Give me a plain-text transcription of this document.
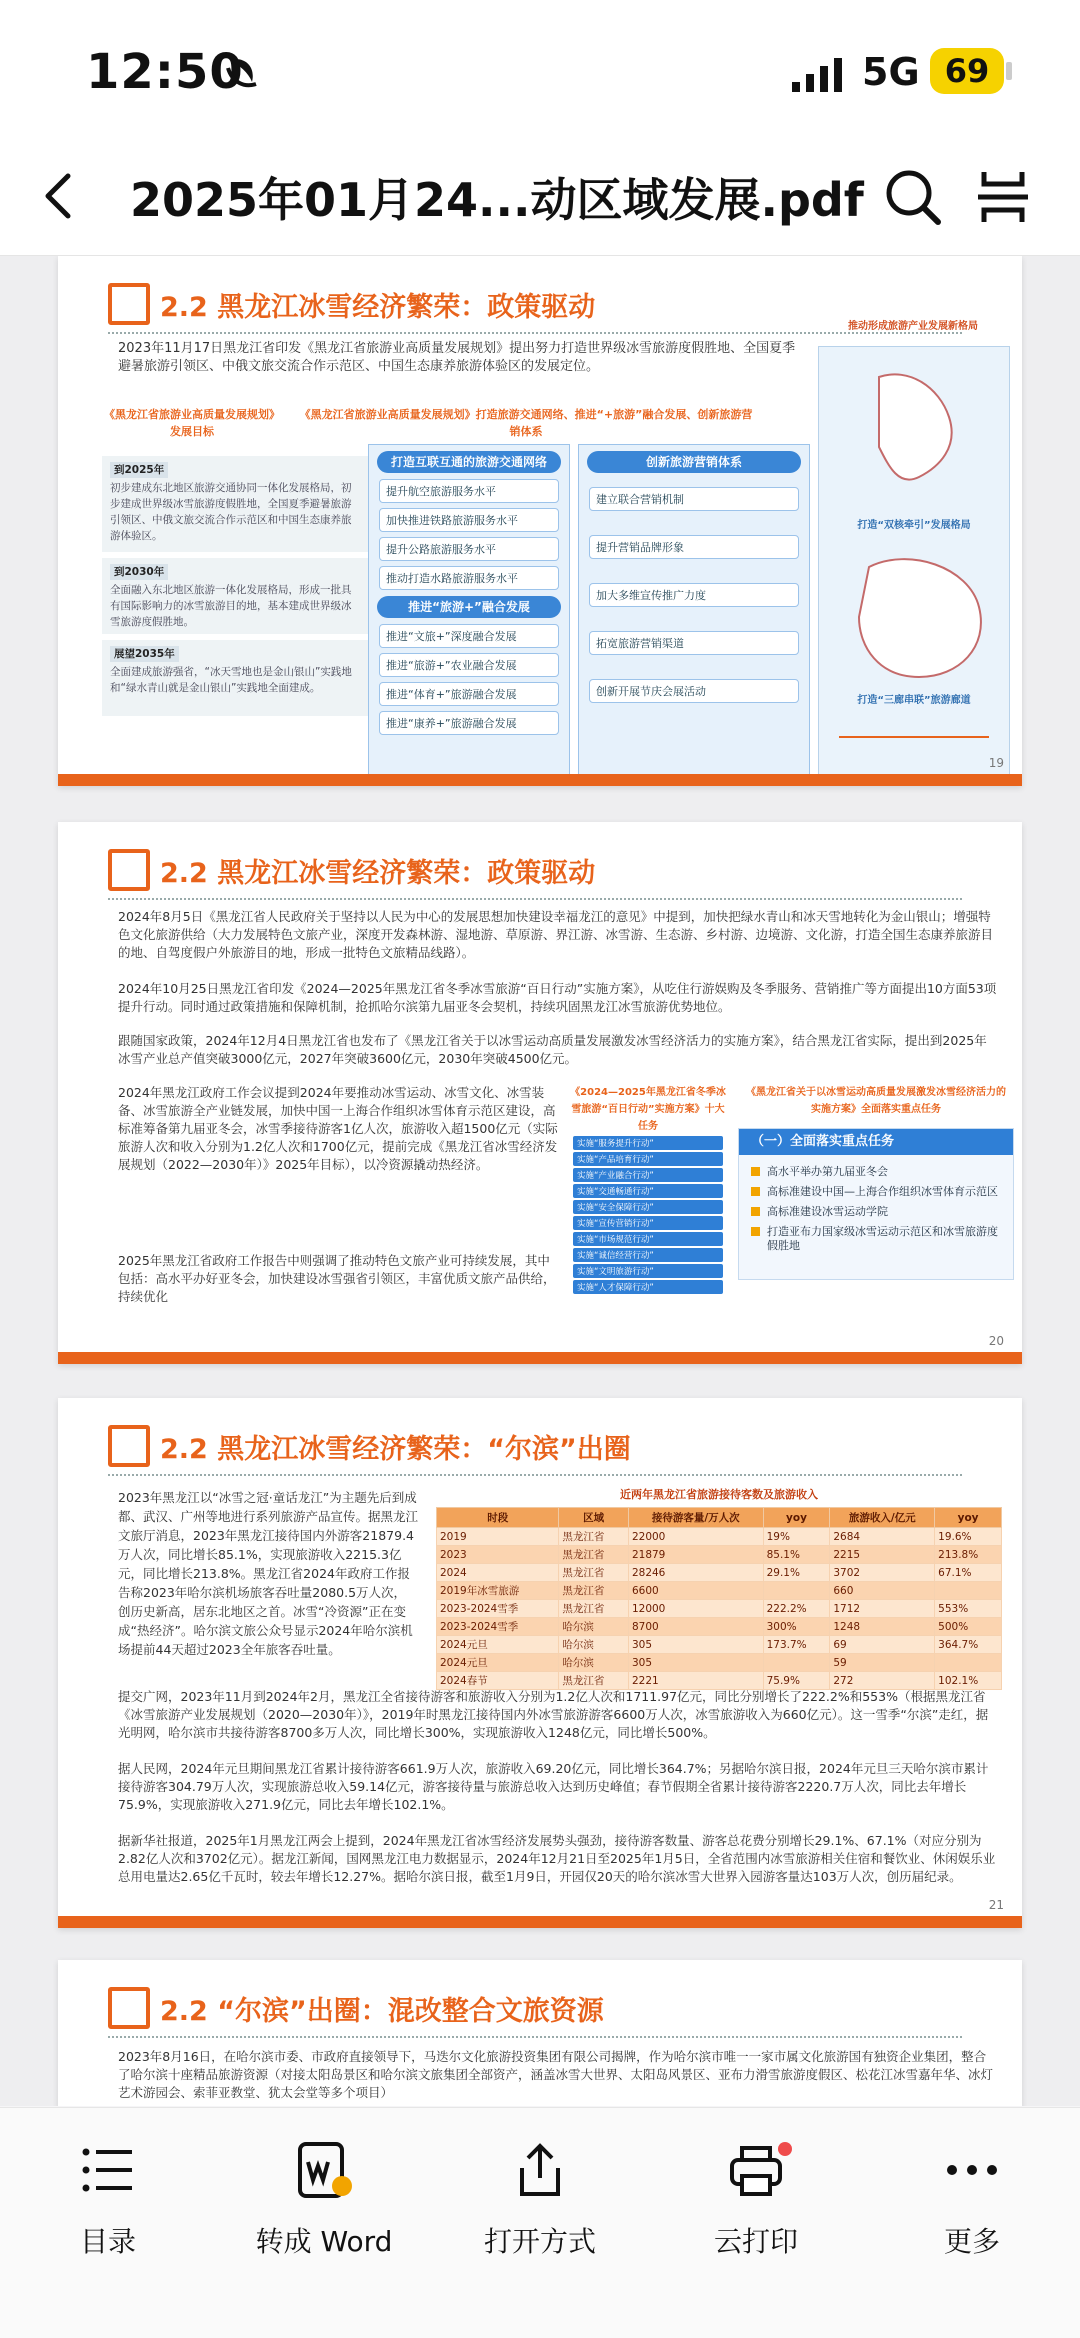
12:50	5G 69
2025年01月24...动区域发展.pdf
2.2 黑龙江冰雪经济繁荣：政策驱动
2023年11月17日黑龙江省印发《黑龙江省旅游业高质量发展规划》提出努力打造世界级冰雪旅游度假胜地、全国夏季避暑旅游引领区、中俄文旅交流合作示范区、中国生态康养旅游体验区的发展定位。
《黑龙江省旅游业高质量发展规划》发展目标
《黑龙江省旅游业高质量发展规划》打造旅游交通网络、推进“+旅游”融合发展、创新旅游营销体系
推动形成旅游产业发展新格局
到2025年
初步建成东北地区旅游交通协同一体化发展格局，初步建成世界级冰雪旅游度假胜地，全国夏季避暑旅游引领区、中俄文旅交流合作示范区和中国生态康养旅游体验区。
到2030年
全面融入东北地区旅游一体化发展格局，形成一批具有国际影响力的冰雪旅游目的地，基本建成世界级冰雪旅游度假胜地。
展望2035年
全面建成旅游强省，“冰天雪地也是金山银山”实践地和“绿水青山就是金山银山”实践地全面建成。
打造互联互通的旅游交通网络
提升航空旅游服务水平
加快推进铁路旅游服务水平
提升公路旅游服务水平
推动打造水路旅游服务水平
推进“旅游+”融合发展
推进“文旅+”深度融合发展
推进“旅游+”农业融合发展
推进“体育+”旅游融合发展
推进“康养+”旅游融合发展
创新旅游营销体系
建立联合营销机制
提升营销品牌形象
加大多维宣传推广力度
拓宽旅游营销渠道
创新开展节庆会展活动
打造“双核牵引”发展格局
打造“三廊串联”旅游廊道
19
2.2 黑龙江冰雪经济繁荣：政策驱动
2024年8月5日《黑龙江省人民政府关于坚持以人民为中心的发展思想加快建设幸福龙江的意见》中提到，加快把绿水青山和冰天雪地转化为金山银山；增强特色文化旅游供给（大力发展特色文旅产业，深度开发森林游、湿地游、草原游、界江游、冰雪游、生态游、乡村游、边境游、文化游，打造全国生态康养旅游目的地、自驾度假户外旅游目的地，形成一批特色文旅精品线路）。
2024年10月25日黑龙江省印发《2024—2025年黑龙江省冬季冰雪旅游“百日行动”实施方案》，从吃住行游娱购及冬季服务、营销推广等方面提出10方面53项提升行动。同时通过政策措施和保障机制，抢抓哈尔滨第九届亚冬会契机，持续巩固黑龙江冰雪旅游优势地位。
跟随国家政策，2024年12月4日黑龙江省也发布了《黑龙江省关于以冰雪运动高质量发展激发冰雪经济活力的实施方案》，结合黑龙江省实际，提出到2025年冰雪产业总产值突破3000亿元，2027年突破3600亿元，2030年突破4500亿元。
2024年黑龙江政府工作会议提到2024年要推动冰雪运动、冰雪文化、冰雪装备、冰雪旅游全产业链发展，加快中国一上海合作组织冰雪体育示范区建设，高标准筹备第九届亚冬会，冰雪季接待游客1亿人次，旅游收入超1500亿元（实际旅游人次和收入分别为1.2亿人次和1700亿元，提前完成《黑龙江省冰雪经济发展规划（2022—2030年）》2025年目标），以冷资源撬动热经济。
2025年黑龙江省政府工作报告中则强调了推动特色文旅产业可持续发展，其中包括：高水平办好亚冬会，加快建设冰雪强省引领区，丰富优质文旅产品供给，持续优化
《2024—2025年黑龙江省冬季冰雪旅游“百日行动”实施方案》十大任务
《黑龙江省关于以冰雪运动高质量发展激发冰雪经济活力的实施方案》全面落实重点任务
实施“服务提升行动”
实施“产品培育行动”
实施“产业融合行动”
实施“交通畅通行动”
实施“安全保障行动”
实施“宣传营销行动”
实施“市场规范行动”
实施“诚信经营行动”
实施“文明旅游行动”
实施“人才保障行动”
（一）全面落实重点任务
高水平举办第九届亚冬会
高标准建设中国—上海合作组织冰雪体育示范区
高标准建设冰雪运动学院
打造亚布力国家级冰雪运动示范区和冰雪旅游度假胜地
20
2.2 黑龙江冰雪经济繁荣：“尔滨”出圈
2023年黑龙江以“冰雪之冠·童话龙江”为主题先后到成都、武汉、广州等地进行系列旅游产品宣传。据黑龙江文旅厅消息，2023年黑龙江接待国内外游客21879.4万人次，同比增长85.1%，实现旅游收入2215.3亿元，同比增长213.8%。黑龙江省2024年政府工作报告称2023年哈尔滨机场旅客吞吐量2080.5万人次，创历史新高，居东北地区之首。冰雪“冷资源”正在变成“热经济”。哈尔滨文旅公众号显示2024年哈尔滨机场提前44天超过2023全年旅客吞吐量。
近两年黑龙江省旅游接待客数及旅游收入
时段	区域	接待游客量/万人次	yoy	旅游收入/亿元	yoy
2019	黑龙江省	22000	19%	2684	19.6%
2023	黑龙江省	21879	85.1%	2215	213.8%
2024	黑龙江省	28246	29.1%	3702	67.1%
2019年冰雪旅游	黑龙江省	6600		660	
2023-2024雪季	黑龙江省	12000	222.2%	1712	553%
2023-2024雪季	哈尔滨	8700	300%	1248	500%
2024元旦	哈尔滨	305	173.7%	69	364.7%
2024元旦	哈尔滨	305		59	
2024春节	黑龙江省	2221	75.9%	272	102.1%
提交广网，2023年11月到2024年2月，黑龙江全省接待游客和旅游收入分别为1.2亿人次和1711.97亿元，同比分别增长了222.2%和553%（根据黑龙江省《冰雪旅游产业发展规划（2020—2030年）》，2019年时黑龙江接待国内外冰雪旅游游客6600万人次，冰雪旅游收入为660亿元）。这一雪季“尔滨”走红，据光明网，哈尔滨市共接待游客8700多万人次，同比增长300%，实现旅游收入1248亿元，同比增长500%。
据人民网，2024年元旦期间黑龙江省累计接待游客661.9万人次，旅游收入69.20亿元，同比增长364.7%；另据哈尔滨日报，2024年元旦三天哈尔滨市累计接待游客304.79万人次，实现旅游总收入59.14亿元，游客接待量与旅游总收入达到历史峰值；春节假期全省累计接待游客2220.7万人次，同比去年增长75.9%，实现旅游收入271.9亿元，同比去年增长102.1%。
据新华社报道，2025年1月黑龙江两会上提到，2024年黑龙江省冰雪经济发展势头强劲，接待游客数量、游客总花费分别增长29.1%、67.1%（对应分别为2.82亿人次和3702亿元）。据龙江新闻，国网黑龙江电力数据显示，2024年12月21日至2025年1月5日，全省范围内冰雪旅游相关住宿和餐饮业、休闲娱乐业总用电量达2.65亿千瓦时，较去年增长12.27%。据哈尔滨日报，截至1月9日，开园仅20天的哈尔滨冰雪大世界入园游客量达103万人次，创历届纪录。
21
2.2 “尔滨”出圈：混改整合文旅资源
2023年8月16日，在哈尔滨市委、市政府直接领导下，马迭尔文化旅游投资集团有限公司揭牌，作为哈尔滨市唯一一家市属文化旅游国有独资企业集团，整合了哈尔滨十座精品旅游资源（对接太阳岛景区和哈尔滨文旅集团全部资产，涵盖冰雪大世界、太阳岛风景区、亚布力滑雪旅游度假区、松花江冰雪嘉年华、冰灯艺术游园会、索菲亚教堂、犹太会堂等多个项目）
目录	转成 Word	打开方式	云打印	更多
